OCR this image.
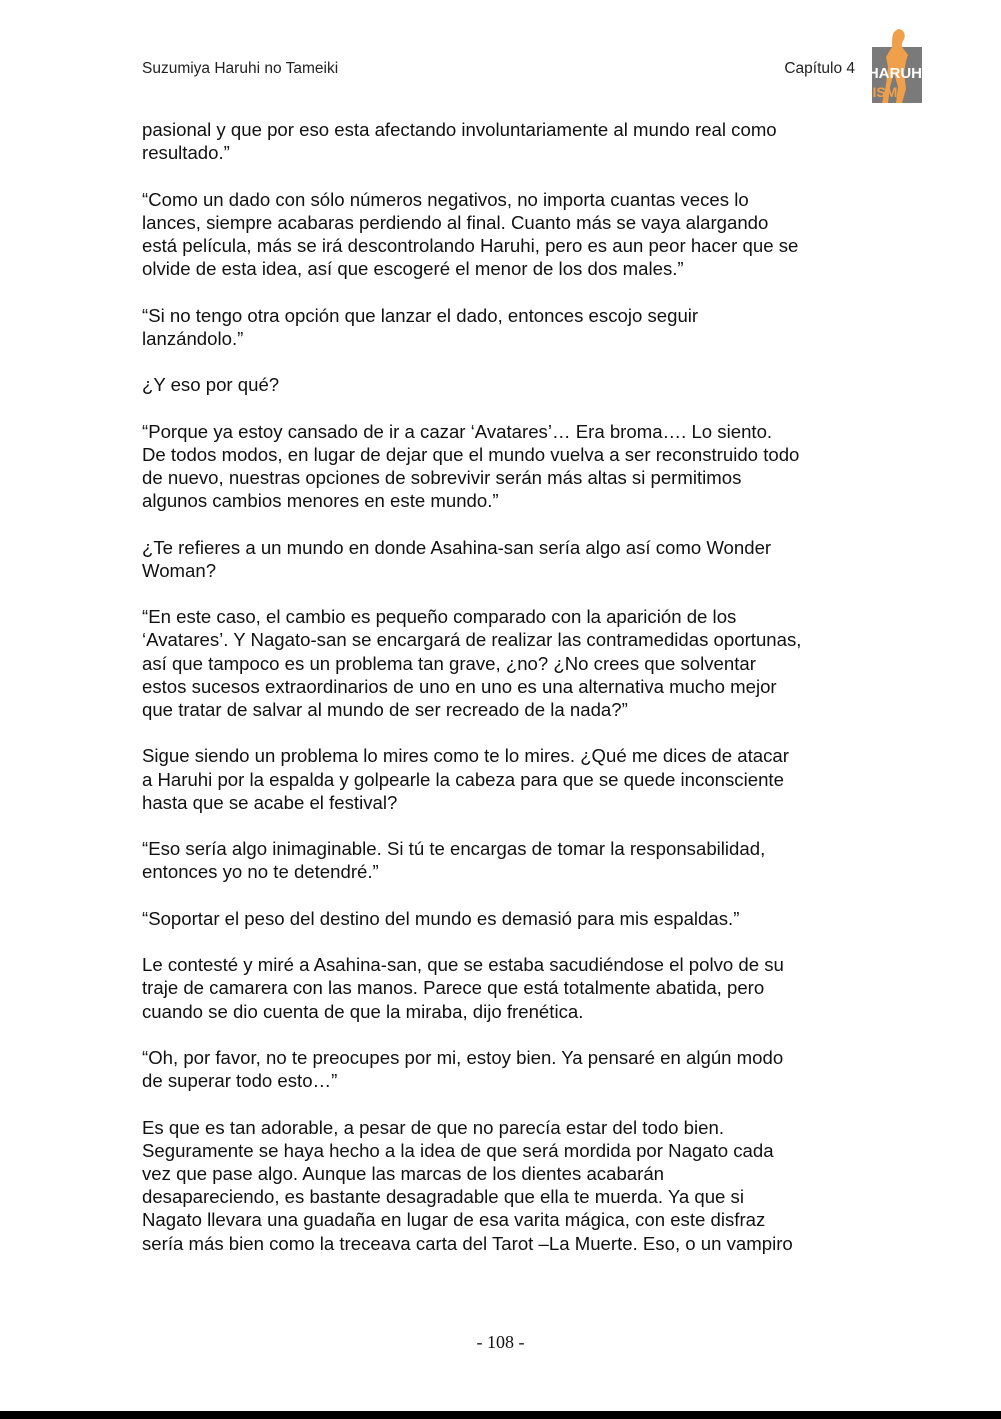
Suzumiya Haruhi no Tameiki	Capítulo 4 HARUHI
ISM

pasional y que por eso esta afectando involuntariamente al mundo real como
resultado.”

“Como un dado con sólo números negativos, no importa cuantas veces lo
lances, siempre acabaras perdiendo al final. Cuanto más se vaya alargando
está película, más se irá descontrolando Haruhi, pero es aun peor hacer que se
olvide de esta idea, así que escogeré el menor de los dos males.”

“Si no tengo otra opción que lanzar el dado, entonces escojo seguir
lanzándolo.”

¿Y eso por qué?

“Porque ya estoy cansado de ir a cazar ‘Avatares’… Era broma…. Lo siento.
De todos modos, en lugar de dejar que el mundo vuelva a ser reconstruido todo
de nuevo, nuestras opciones de sobrevivir serán más altas si permitimos
algunos cambios menores en este mundo.”

¿Te refieres a un mundo en donde Asahina-san sería algo así como Wonder
Woman?

“En este caso, el cambio es pequeño comparado con la aparición de los
‘Avatares’. Y Nagato-san se encargará de realizar las contramedidas oportunas,
así que tampoco es un problema tan grave, ¿no? ¿No crees que solventar
estos sucesos extraordinarios de uno en uno es una alternativa mucho mejor
que tratar de salvar al mundo de ser recreado de la nada?”

Sigue siendo un problema lo mires como te lo mires. ¿Qué me dices de atacar
a Haruhi por la espalda y golpearle la cabeza para que se quede inconsciente
hasta que se acabe el festival?

“Eso sería algo inimaginable. Si tú te encargas de tomar la responsabilidad,
entonces yo no te detendré.”

“Soportar el peso del destino del mundo es demasió para mis espaldas.”

Le contesté y miré a Asahina-san, que se estaba sacudiéndose el polvo de su
traje de camarera con las manos. Parece que está totalmente abatida, pero
cuando se dio cuenta de que la miraba, dijo frenética.

“Oh, por favor, no te preocupes por mi, estoy bien. Ya pensaré en algún modo
de superar todo esto…”

Es que es tan adorable, a pesar de que no parecía estar del todo bien.
Seguramente se haya hecho a la idea de que será mordida por Nagato cada
vez que pase algo. Aunque las marcas de los dientes acabarán
desapareciendo, es bastante desagradable que ella te muerda. Ya que si
Nagato llevara una guadaña en lugar de esa varita mágica, con este disfraz
sería más bien como la treceava carta del Tarot –La Muerte. Eso, o un vampiro

- 108 -
